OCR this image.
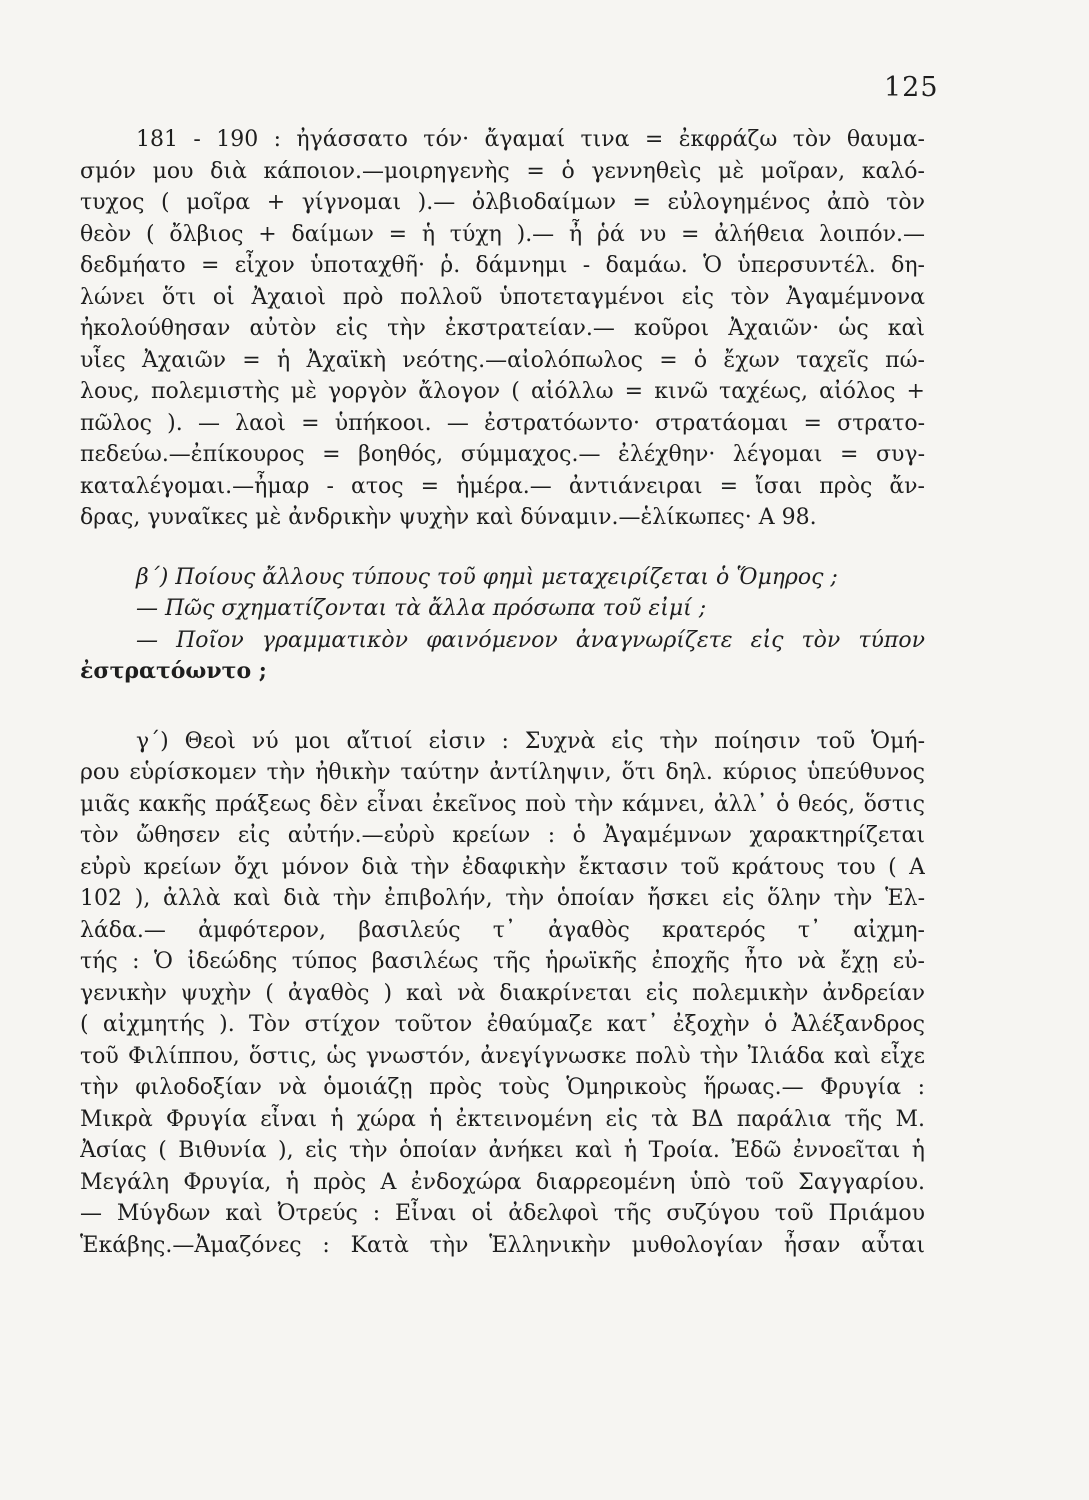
125
181 - 190 : ἠγάσσατο τόν· ἄγαμαί τινα = ἐκφράζω τὸν θαυμα-
σμόν μου διὰ κάποιον.—μοιρηγενὴς = ὁ γεννηθεὶς μὲ μοῖραν, καλό-
τυχος ( μοῖρα + γίγνομαι ).— ὀλβιοδαίμων = εὐλογημένος ἀπὸ τὸν
θεὸν ( ὄλβιος + δαίμων = ἡ τύχη ).— ἦ ῥά νυ = ἀλήθεια λοιπόν.—
δεδμήατο = εἶχον ὑποταχθῆ· ῥ. δάμνημι - δαμάω. Ὁ ὑπερσυντέλ. δη-
λώνει ὅτι οἱ Ἀχαιοὶ πρὸ πολλοῦ ὑποτεταγμένοι εἰς τὸν Ἀγαμέμνονα
ἠκολούθησαν αὐτὸν εἰς τὴν ἐκστρατείαν.— κοῦροι Ἀχαιῶν· ὡς καὶ
υἷες Ἀχαιῶν = ἡ Ἀχαϊκὴ νεότης.—αἰολόπωλος = ὁ ἔχων ταχεῖς πώ-
λους, πολεμιστὴς μὲ γοργὸν ἄλογον ( αἰόλλω = κινῶ ταχέως, αἰόλος +
πῶλος ). — λαοὶ = ὑπήκοοι. — ἐστρατόωντο· στρατάομαι = στρατο-
πεδεύω.—ἐπίκουρος = βοηθός, σύμμαχος.— ἐλέχθην· λέγομαι = συγ-
καταλέγομαι.—ἦμαρ - ατος = ἡμέρα.— ἀντιάνειραι = ἴσαι πρὸς ἄν-
δρας, γυναῖκες μὲ ἀνδρικὴν ψυχὴν καὶ δύναμιν.—ἑλίκωπες· Α 98.
β΄) Ποίους ἄλλους τύπους τοῦ φημὶ μεταχειρίζεται ὁ Ὅμηρος ;
— Πῶς σχηματίζονται τὰ ἄλλα πρόσωπα τοῦ εἰμί ;
— Ποῖον γραμματικὸν φαινόμενον ἀναγνωρίζετε εἰς τὸν τύπον
ἐστρατόωντο ;
γ΄) Θεοὶ νύ μοι αἴτιοί εἰσιν : Συχνὰ εἰς τὴν ποίησιν τοῦ Ὁμή-
ρου εὑρίσκομεν τὴν ἠθικὴν ταύτην ἀντίληψιν, ὅτι δηλ. κύριος ὑπεύθυνος
μιᾶς κακῆς πράξεως δὲν εἶναι ἐκεῖνος ποὺ τὴν κάμνει, ἀλλ᾿ ὁ θεός, ὅστις
τὸν ὤθησεν εἰς αὐτήν.—εὐρὺ κρείων : ὁ Ἀγαμέμνων χαρακτηρίζεται
εὐρὺ κρείων ὄχι μόνον διὰ τὴν ἐδαφικὴν ἔκτασιν τοῦ κράτους του ( Α
102 ), ἀλλὰ καὶ διὰ τὴν ἐπιβολήν, τὴν ὁποίαν ἤσκει εἰς ὅλην τὴν Ἑλ-
λάδα.— ἀμφότερον, βασιλεύς τ᾿ ἀγαθὸς κρατερός τ᾿ αἰχμη-
τής : Ὁ ἰδεώδης τύπος βασιλέως τῆς ἡρωϊκῆς ἐποχῆς ἦτο νὰ ἔχῃ εὐ-
γενικὴν ψυχὴν ( ἀγαθὸς ) καὶ νὰ διακρίνεται εἰς πολεμικὴν ἀνδρείαν
( αἰχμητής ). Τὸν στίχον τοῦτον ἐθαύμαζε κατ᾿ ἐξοχὴν ὁ Ἀλέξανδρος
τοῦ Φιλίππου, ὅστις, ὡς γνωστόν, ἀνεγίγνωσκε πολὺ τὴν Ἰλιάδα καὶ εἶχε
τὴν φιλοδοξίαν νὰ ὁμοιάζῃ πρὸς τοὺς Ὁμηρικοὺς ἥρωας.— Φρυγία :
Μικρὰ Φρυγία εἶναι ἡ χώρα ἡ ἐκτεινομένη εἰς τὰ ΒΔ παράλια τῆς Μ.
Ἀσίας ( Βιθυνία ), εἰς τὴν ὁποίαν ἀνήκει καὶ ἡ Τροία. Ἐδῶ ἐννοεῖται ἡ
Μεγάλη Φρυγία, ἡ πρὸς Α ἐνδοχώρα διαρρεομένη ὑπὸ τοῦ Σαγγαρίου.
— Μύγδων καὶ Ὀτρεύς : Εἶναι οἱ ἀδελφοὶ τῆς συζύγου τοῦ Πριάμου
Ἑκάβης.—Ἀμαζόνες : Κατὰ τὴν Ἑλληνικὴν μυθολογίαν ἦσαν αὗται
